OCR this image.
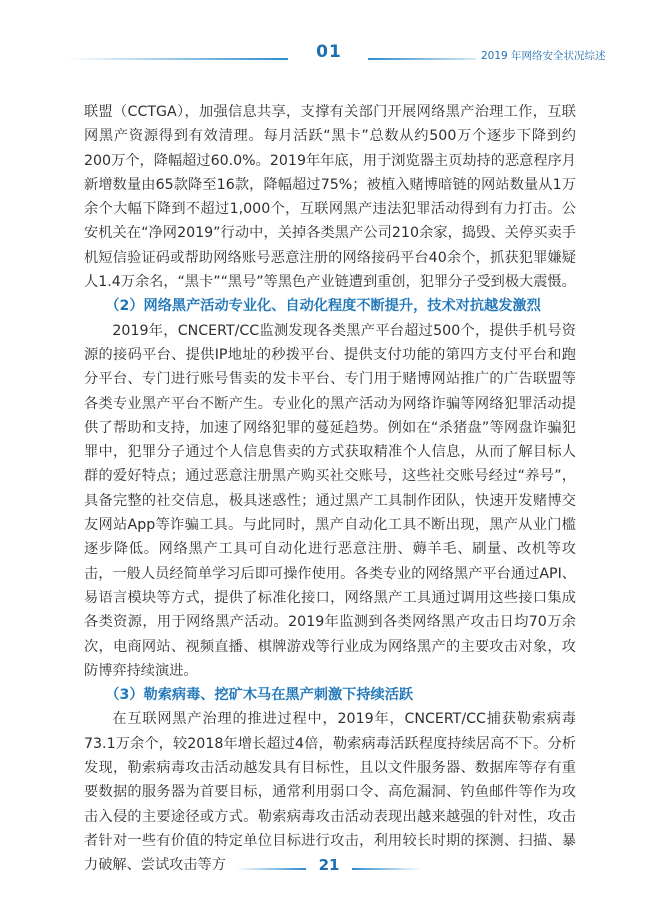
01	2019 年网络安全状况综述

联盟（CCTGA），加强信息共享，支撑有关部门开展网络黑产治理工作，互联网黑产资源得到有效清理。每月活跃“黑卡”总数从约500万个逐步下降到约200万个，降幅超过60.0%。2019年年底，用于浏览器主页劫持的恶意程序月新增数量由65款降至16款，降幅超过75%；被植入赌博暗链的网站数量从1万余个大幅下降到不超过1,000个，互联网黑产违法犯罪活动得到有力打击。公安机关在“净网2019”行动中，关掉各类黑产公司210余家，捣毁、关停买卖手机短信验证码或帮助网络账号恶意注册的网络接码平台40余个，抓获犯罪嫌疑人1.4万余名，“黑卡”“黑号”等黑色产业链遭到重创，犯罪分子受到极大震慑。

（2）网络黑产活动专业化、自动化程度不断提升，技术对抗越发激烈

2019年，CNCERT/CC监测发现各类黑产平台超过500个，提供手机号资源的接码平台、提供IP地址的秒拨平台、提供支付功能的第四方支付平台和跑分平台、专门进行账号售卖的发卡平台、专门用于赌博网站推广的广告联盟等各类专业黑产平台不断产生。专业化的黑产活动为网络诈骗等网络犯罪活动提供了帮助和支持，加速了网络犯罪的蔓延趋势。例如在“杀猪盘”等网盘诈骗犯罪中，犯罪分子通过个人信息售卖的方式获取精准个人信息，从而了解目标人群的爱好特点；通过恶意注册黑产购买社交账号，这些社交账号经过“养号”，具备完整的社交信息，极具迷惑性；通过黑产工具制作团队，快速开发赌博交友网站App等诈骗工具。与此同时，黑产自动化工具不断出现，黑产从业门槛逐步降低。网络黑产工具可自动化进行恶意注册、薅羊毛、刷量、改机等攻击，一般人员经简单学习后即可操作使用。各类专业的网络黑产平台通过API、易语言模块等方式，提供了标准化接口，网络黑产工具通过调用这些接口集成各类资源，用于网络黑产活动。2019年监测到各类网络黑产攻击日均70万余次，电商网站、视频直播、棋牌游戏等行业成为网络黑产的主要攻击对象，攻防博弈持续演进。

（3）勒索病毒、挖矿木马在黑产刺激下持续活跃

在互联网黑产治理的推进过程中，2019年，CNCERT/CC捕获勒索病毒73.1万余个，较2018年增长超过4倍，勒索病毒活跃程度持续居高不下。分析发现，勒索病毒攻击活动越发具有目标性，且以文件服务器、数据库等存有重要数据的服务器为首要目标，通常利用弱口令、高危漏洞、钓鱼邮件等作为攻击入侵的主要途径或方式。勒索病毒攻击活动表现出越来越强的针对性，攻击者针对一些有价值的特定单位目标进行攻击，利用较长时期的探测、扫描、暴力破解、尝试攻击等方	21
